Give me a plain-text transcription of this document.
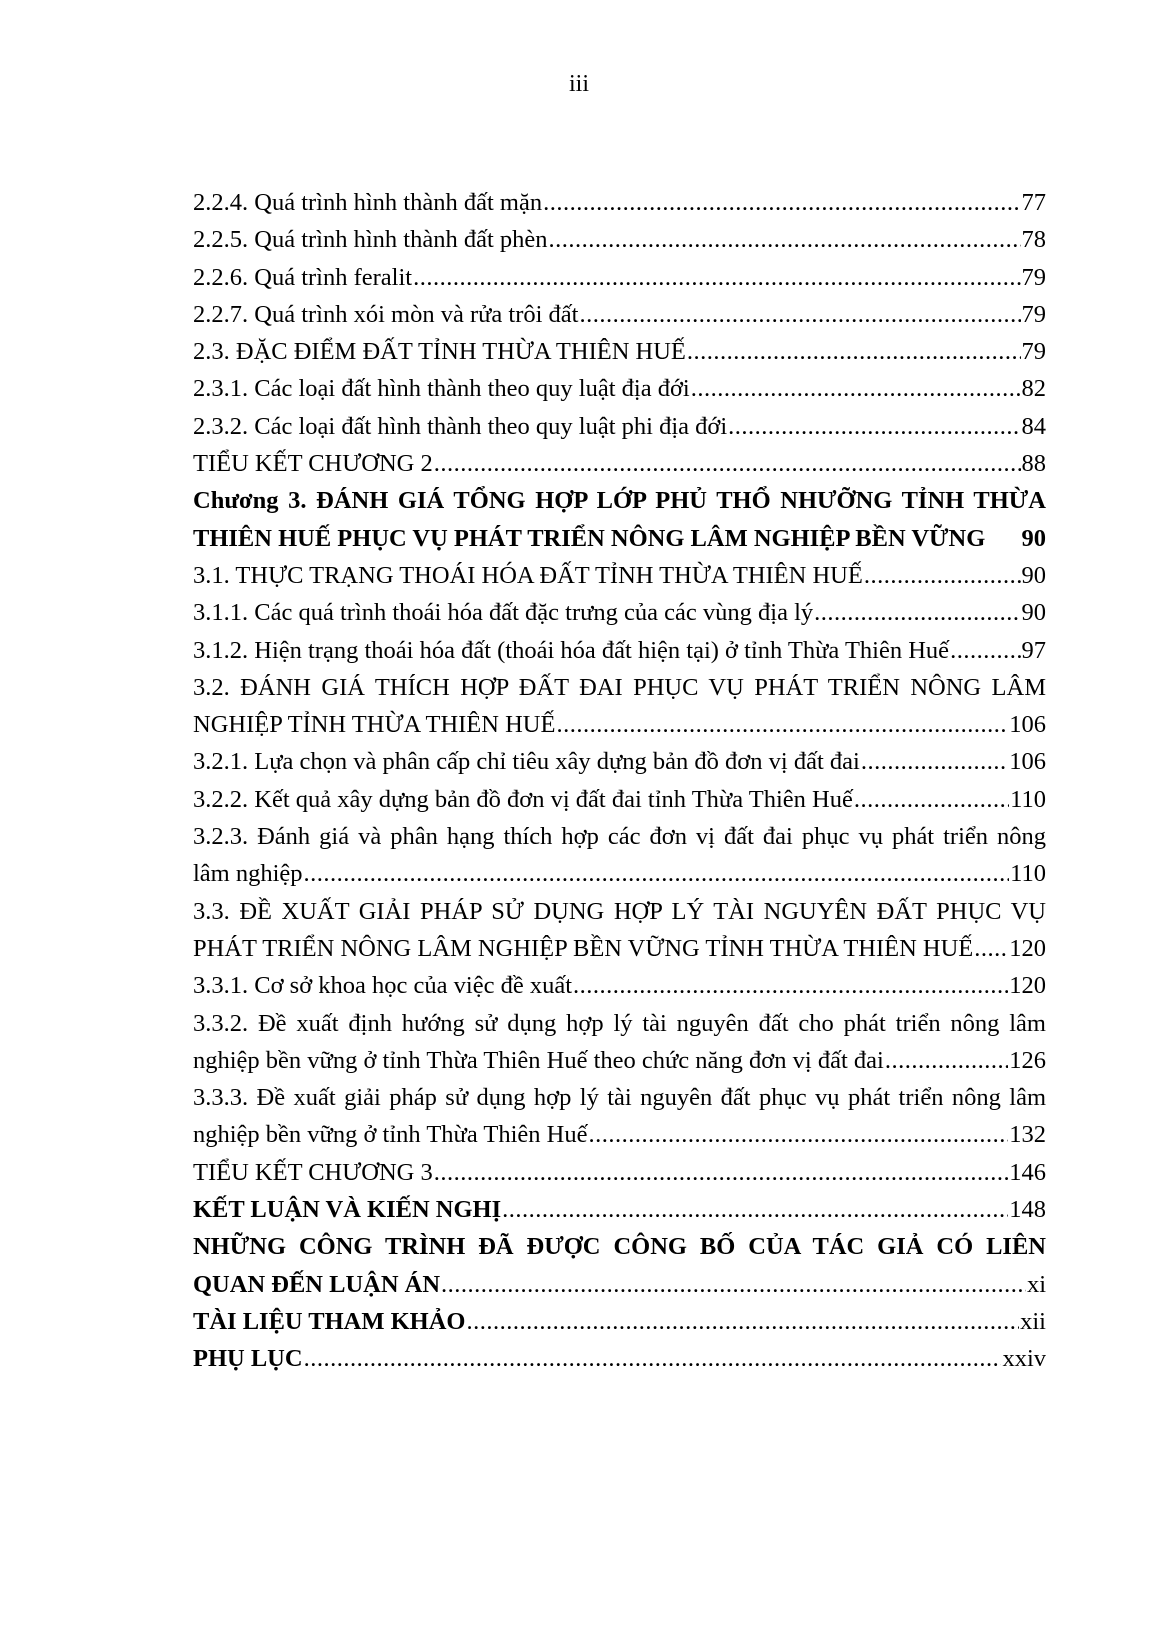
iii
2.2.4. Quá trình hình thành đất mặn .....	77
2.2.5. Quá trình hình thành đất phèn .....	78
2.2.6. Quá trình feralit .....	79
2.2.7. Quá trình xói mòn và rửa trôi đất .....	79
2.3. ĐẶC ĐIỂM ĐẤT TỈNH THỪA THIÊN HUẾ .....	79
2.3.1. Các loại đất hình thành theo quy luật địa đới .....	82
2.3.2. Các loại đất hình thành theo quy luật phi địa đới .....	84
TIỂU KẾT CHƯƠNG 2 .....	88
Chương 3. ĐÁNH GIÁ TỔNG HỢP LỚP PHỦ THỔ NHƯỠNG TỈNH THỪA
THIÊN HUẾ PHỤC VỤ PHÁT TRIỂN NÔNG LÂM NGHIỆP BỀN VỮNG 90
3.1. THỰC TRẠNG THOÁI HÓA ĐẤT TỈNH THỪA THIÊN HUẾ .....	90
3.1.1. Các quá trình thoái hóa đất đặc trưng của các vùng địa lý .....	90
3.1.2. Hiện trạng thoái hóa đất (thoái hóa đất hiện tại) ở tỉnh Thừa Thiên Huế .....	97
3.2. ĐÁNH GIÁ THÍCH HỢP ĐẤT ĐAI PHỤC VỤ PHÁT TRIỂN NÔNG LÂM
NGHIỆP TỈNH THỪA THIÊN HUẾ .....	106
3.2.1. Lựa chọn và phân cấp chỉ tiêu xây dựng bản đồ đơn vị đất đai .....	106
3.2.2. Kết quả xây dựng bản đồ đơn vị đất đai tỉnh Thừa Thiên Huế .....	110
3.2.3. Đánh giá và phân hạng thích hợp các đơn vị đất đai phục vụ phát triển nông
lâm nghiệp .....	110
3.3. ĐỀ XUẤT GIẢI PHÁP SỬ DỤNG HỢP LÝ TÀI NGUYÊN ĐẤT PHỤC VỤ
PHÁT TRIỂN NÔNG LÂM NGHIỆP BỀN VỮNG TỈNH THỪA THIÊN HUẾ ..... 120
3.3.1. Cơ sở khoa học của việc đề xuất .....	120
3.3.2. Đề xuất định hướng sử dụng hợp lý tài nguyên đất cho phát triển nông lâm
nghiệp bền vững ở tỉnh Thừa Thiên Huế theo chức năng đơn vị đất đai .....	126
3.3.3. Đề xuất giải pháp sử dụng hợp lý tài nguyên đất phục vụ phát triển nông lâm
nghiệp bền vững ở tỉnh Thừa Thiên Huế .....	132
TIỂU KẾT CHƯƠNG 3 .....	146
KẾT LUẬN VÀ KIẾN NGHỊ .....	148
NHỮNG CÔNG TRÌNH ĐÃ ĐƯỢC CÔNG BỐ CỦA TÁC GIẢ CÓ LIÊN
QUAN ĐẾN LUẬN ÁN .....	xi
TÀI LIỆU THAM KHẢO .....	xii
PHỤ LỤC .....	xxiv
